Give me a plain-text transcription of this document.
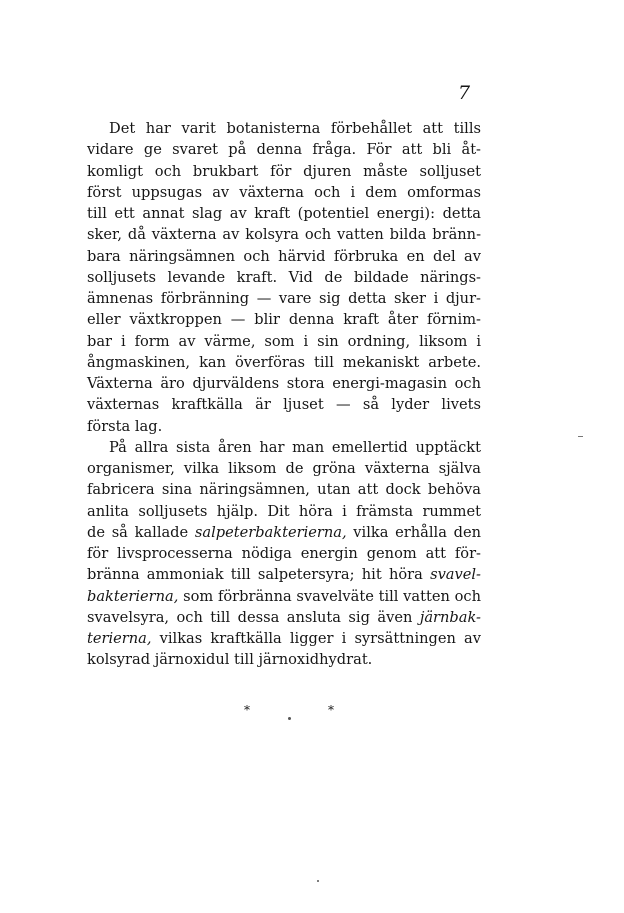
7
Det har varit botanisterna förbehållet att tills
vidare ge svaret på denna fråga. För att bli åt-
komligt och brukbart för djuren måste solljuset
först uppsugas av växterna och i dem omformas
till ett annat slag av kraft (potentiel energi): detta
sker, då växterna av kolsyra och vatten bilda bränn-
bara näringsämnen och härvid förbruka en del av
solljusets levande kraft. Vid de bildade närings-
ämnenas förbränning — vare sig detta sker i djur-
eller växtkroppen — blir denna kraft åter förnim-
bar i form av värme, som i sin ordning, liksom i
ångmaskinen, kan överföras till mekaniskt arbete.
Växterna äro djurväldens stora energi-magasin och
växternas kraftkälla är ljuset — så lyder livets
första lag.
På allra sista åren har man emellertid upptäckt
organismer, vilka liksom de gröna växterna själva
fabricera sina näringsämnen, utan att dock behöva
anlita solljusets hjälp. Dit höra i främsta rummet
de så kallade salpeterbakterierna, vilka erhålla den
för livsprocesserna nödiga energin genom att för-
bränna ammoniak till salpetersyra; hit höra svavel-
bakterierna, som förbränna svavelväte till vatten och
svavelsyra, och till dessa ansluta sig även järnbak-
terierna, vilkas kraftkälla ligger i syrsättningen av
kolsyrad järnoxidul till järnoxidhydrat.
*	*
